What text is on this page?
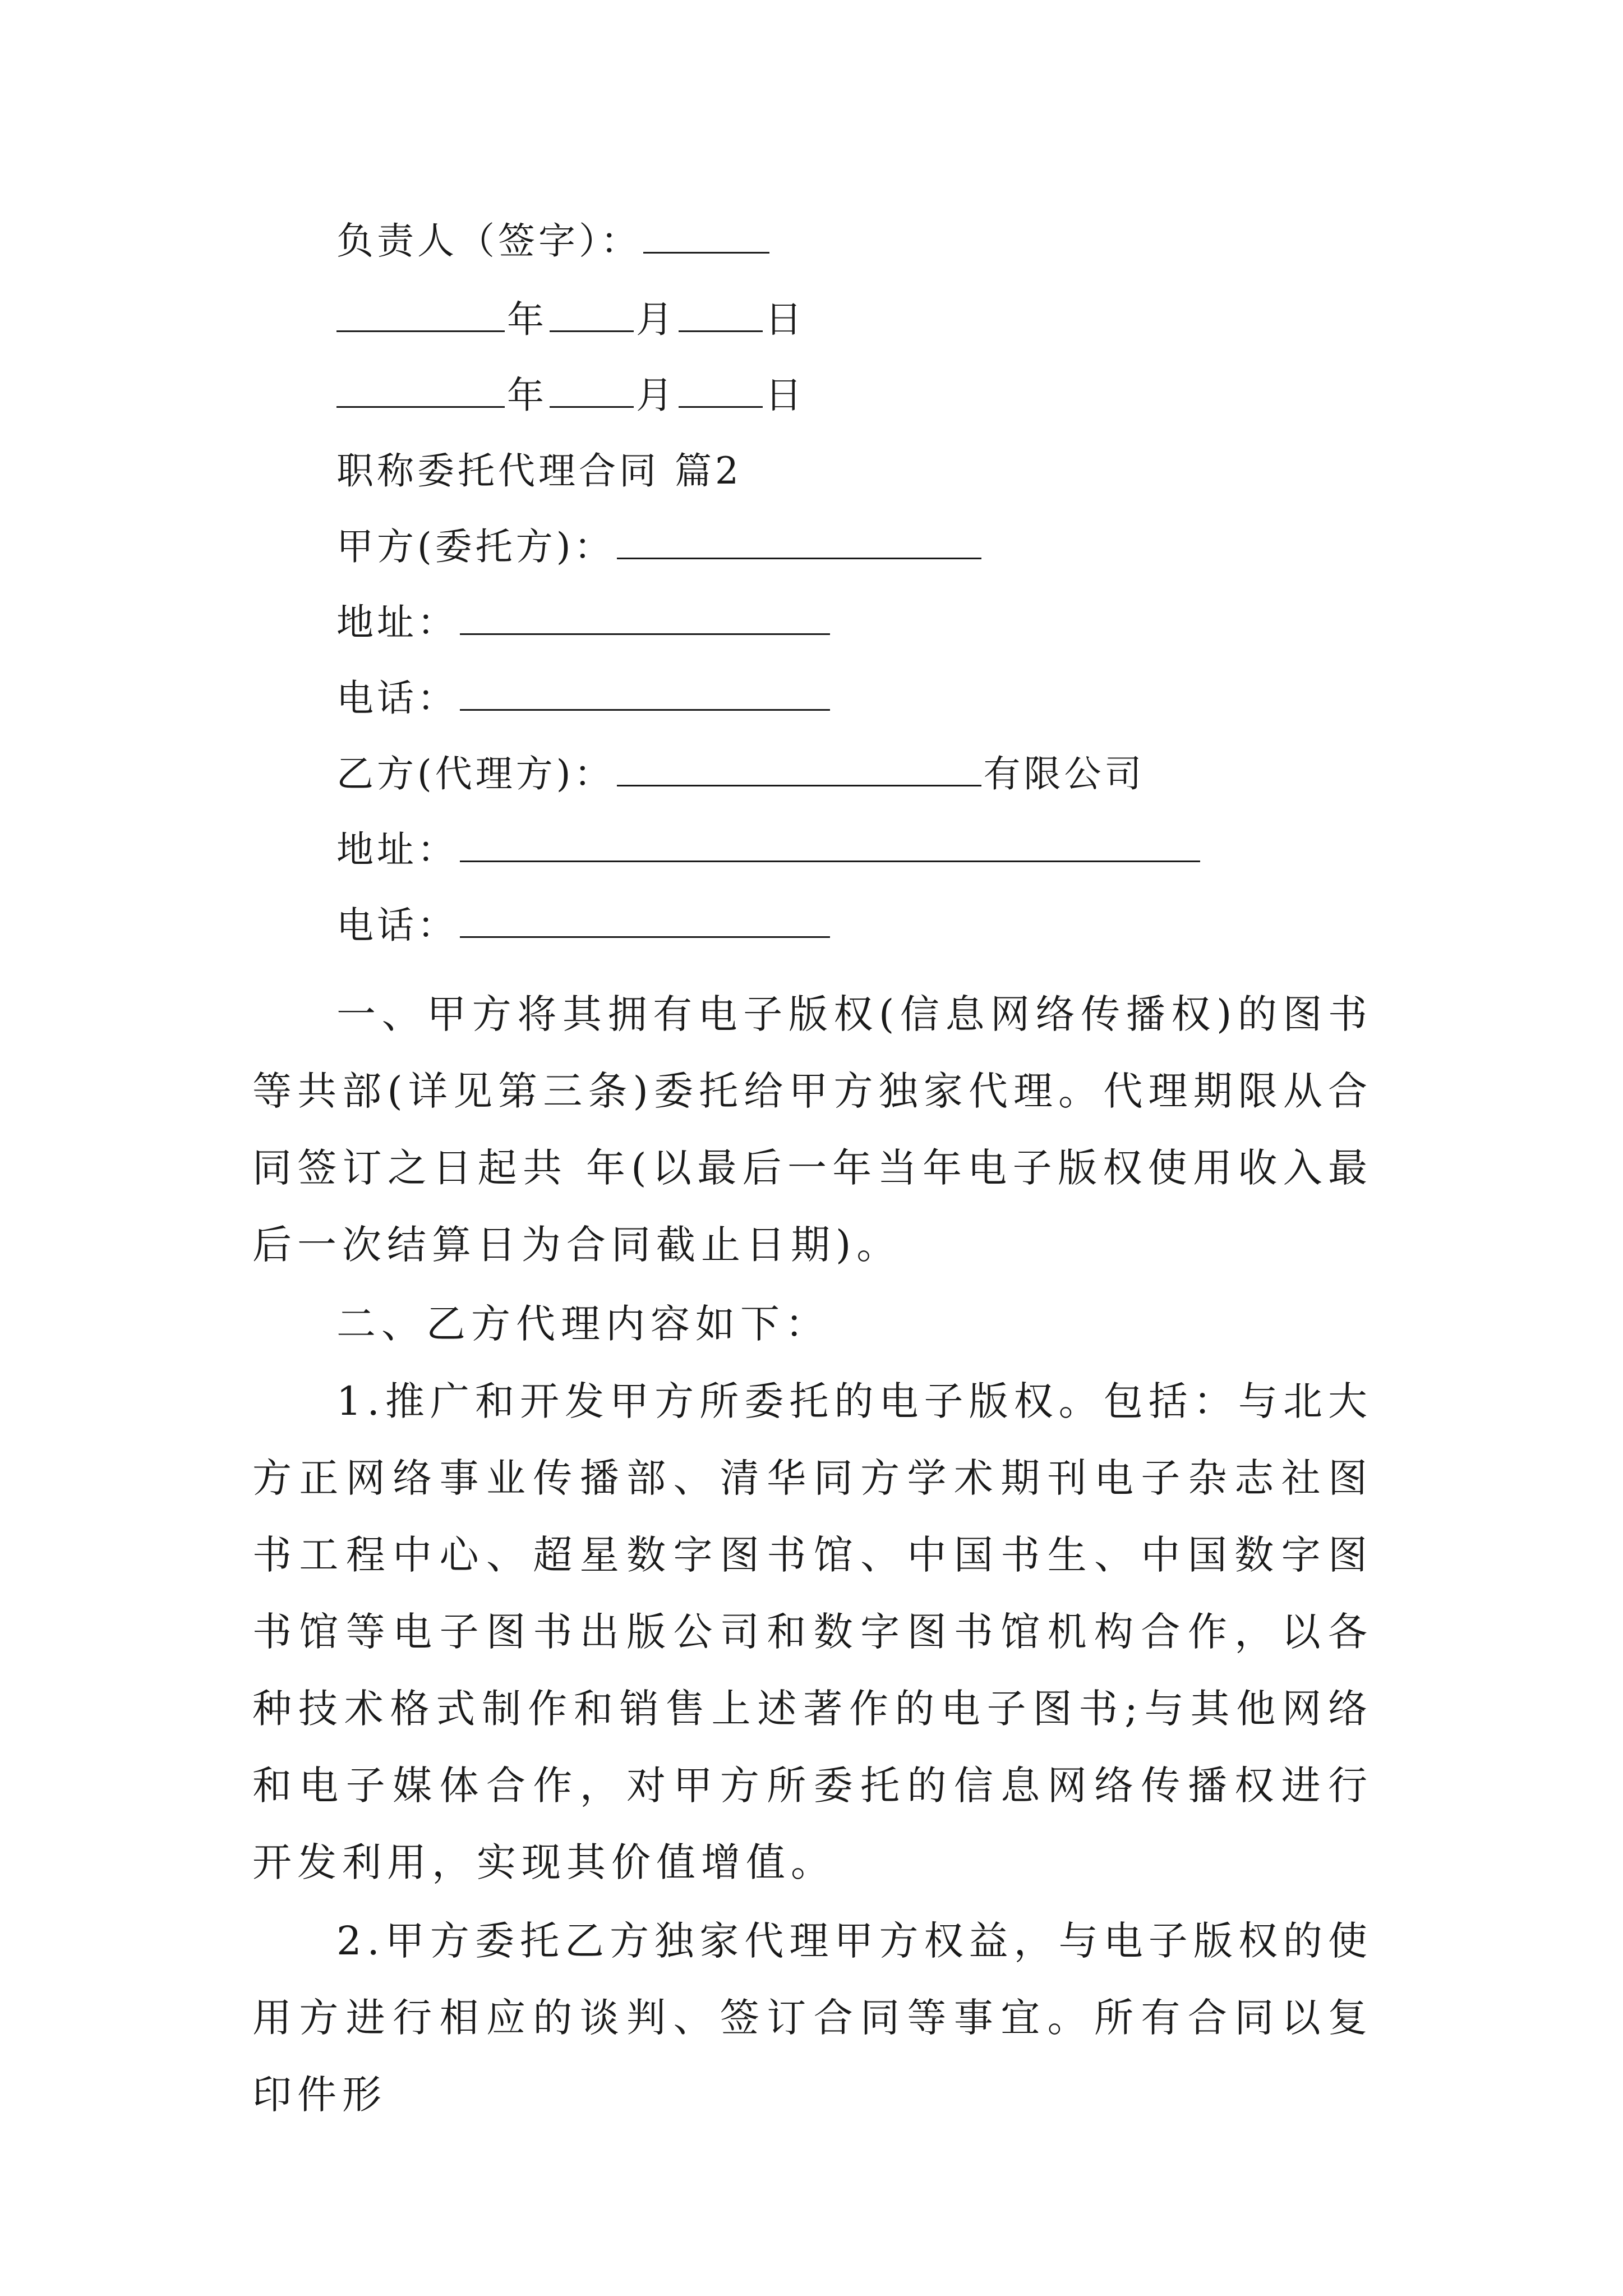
负责人（签字）：
年 月 日
年 月 日
职称委托代理合同 篇2
甲方(委托方)：
地址：
电话：
乙方(代理方)：	有限公司
地址：
电话：
一、甲方将其拥有电子版权(信息网络传播权)的图书等共部(详见第三条)委托给甲方独家代理。代理期限从合同签订之日起共 年(以最后一年当年电子版权使用收入最后一次结算日为合同截止日期)。
二、乙方代理内容如下：
1.推广和开发甲方所委托的电子版权。包括：与北大方正网络事业传播部、清华同方学术期刊电子杂志社图书工程中心、超星数字图书馆、中国书生、中国数字图书馆等电子图书出版公司和数字图书馆机构合作，以各种技术格式制作和销售上述著作的电子图书;与其他网络和电子媒体合作，对甲方所委托的信息网络传播权进行开发利用，实现其价值增值。
2.甲方委托乙方独家代理甲方权益，与电子版权的使用方进行相应的谈判、签订合同等事宜。所有合同以复印件形
